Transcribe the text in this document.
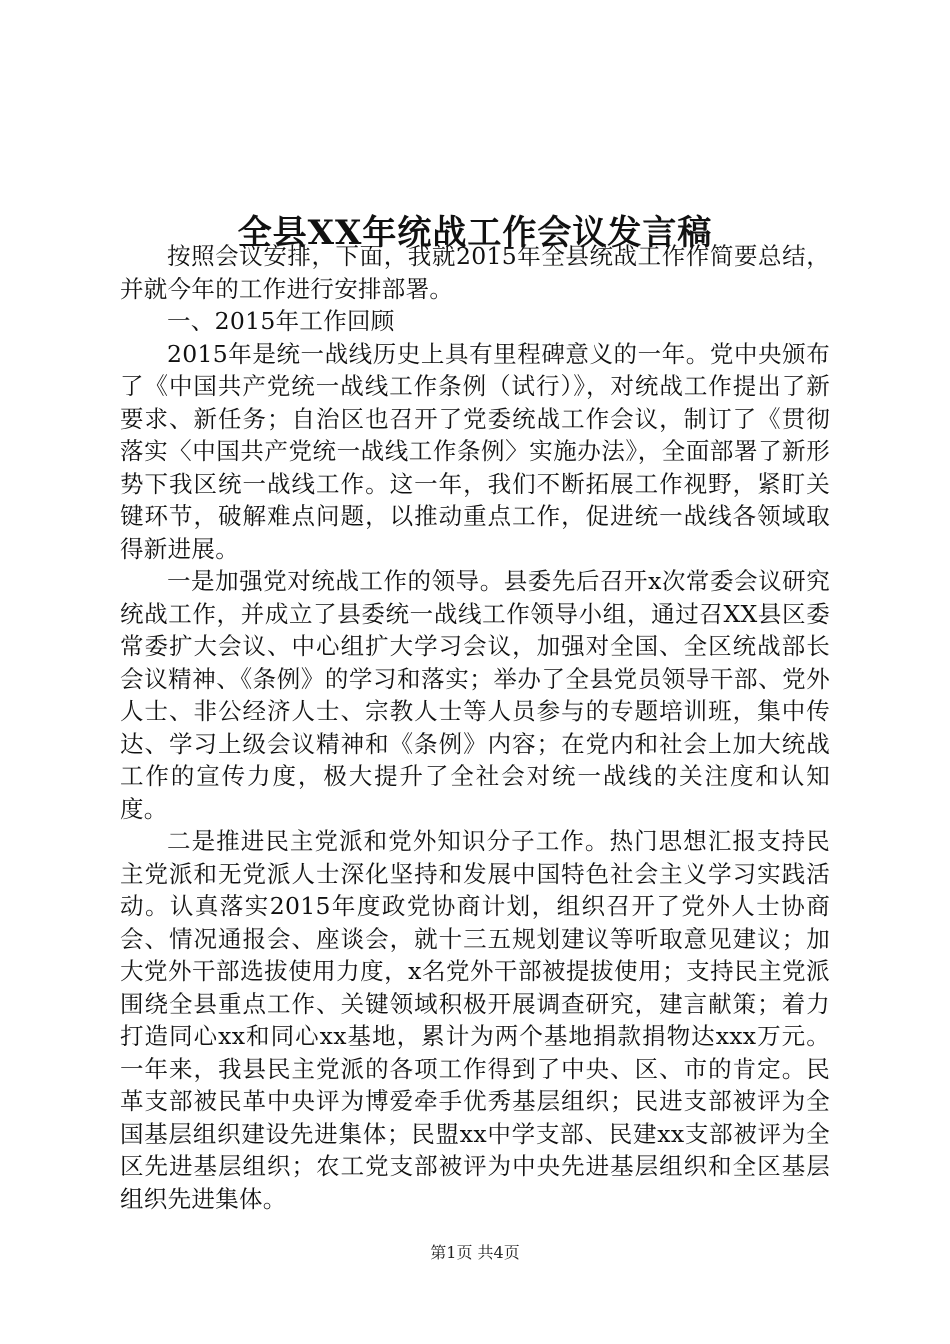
全县XX年统战工作会议发言稿

按照会议安排，下面，我就2015年全县统战工作作简要总结，并就今年的工作进行安排部署。

一、2015年工作回顾

2015年是统一战线历史上具有里程碑意义的一年。党中央颁布了《中国共产党统一战线工作条例（试行）》，对统战工作提出了新要求、新任务；自治区也召开了党委统战工作会议，制订了《贯彻落实〈中国共产党统一战线工作条例〉实施办法》，全面部署了新形势下我区统一战线工作。这一年，我们不断拓展工作视野，紧盯关键环节，破解难点问题，以推动重点工作，促进统一战线各领域取得新进展。

一是加强党对统战工作的领导。县委先后召开x次常委会议研究统战工作，并成立了县委统一战线工作领导小组，通过召XX县区委常委扩大会议、中心组扩大学习会议，加强对全国、全区统战部长会议精神、《条例》的学习和落实；举办了全县党员领导干部、党外人士、非公经济人士、宗教人士等人员参与的专题培训班，集中传达、学习上级会议精神和《条例》内容；在党内和社会上加大统战工作的宣传力度，极大提升了全社会对统一战线的关注度和认知度。

二是推进民主党派和党外知识分子工作。热门思想汇报支持民主党派和无党派人士深化坚持和发展中国特色社会主义学习实践活动。认真落实2015年度政党协商计划，组织召开了党外人士协商会、情况通报会、座谈会，就十三五规划建议等听取意见建议；加大党外干部选拔使用力度，x名党外干部被提拔使用；支持民主党派围绕全县重点工作、关键领域积极开展调查研究，建言献策；着力打造同心xx和同心xx基地，累计为两个基地捐款捐物达xxx万元。一年来，我县民主党派的各项工作得到了中央、区、市的肯定。民革支部被民革中央评为博爱牵手优秀基层组织；民进支部被评为全国基层组织建设先进集体；民盟xx中学支部、民建xx支部被评为全区先进基层组织；农工党支部被评为中央先进基层组织和全区基层组织先进集体。

第1页 共4页
